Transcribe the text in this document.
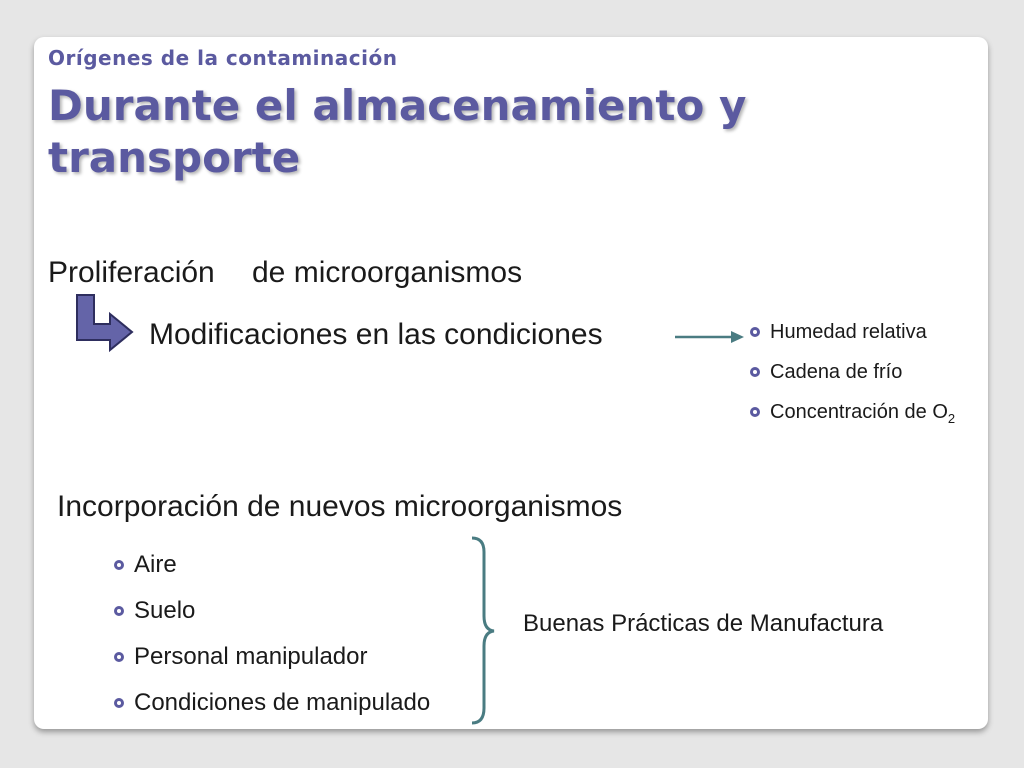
Orígenes de la contaminación
Durante el almacenamiento y transporte
Proliferación de microorganismos
Modificaciones en las condiciones	Humedad relativa
Cadena de frío
Concentración de $O_2$
Incorporación de nuevos microorganismos
Aire
Suelo
Personal manipulador
Condiciones de manipulado
Buenas Prácticas de Manufactura
